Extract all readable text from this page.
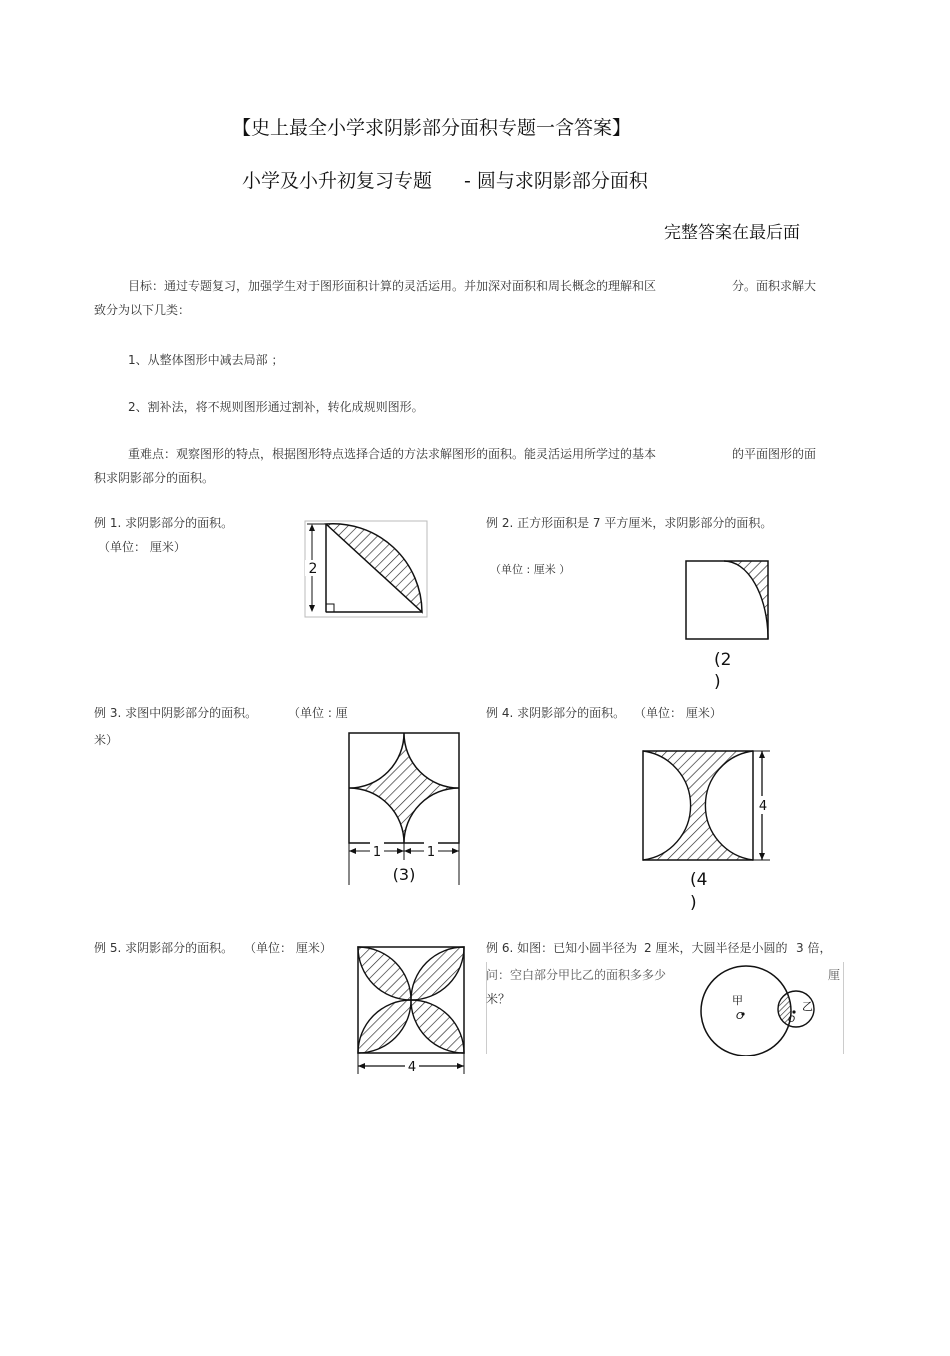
【史上最全小学求阴影部分面积专题一含答案】
小学及小升初复习专题 - 圆与求阴影部分面积
完整答案在最后面
目标：通过专题复习，加强学生对于图形面积计算的灵活运用。并加深对面积和周长概念的理解和区	分。面积求解大
致分为以下几类：
1、从整体图形中减去局部 ；
2、割补法，将不规则图形通过割补，转化成规则图形。
重难点：观察图形的特点，根据图形特点选择合适的方法求解图形的面积。能灵活运用所学过的基本	的平面图形的面
积求阴影部分的面积。
例 1. 求阴影部分的面积。
（单位： 厘米）
2
例 2. 正方形面积是 7 平方厘米，求阴影部分的面积。
（单位 : 厘米 ）
(2
)
例 3. 求图中阴影部分的面积。	（单位 : 厘
米）
1	1
(3)
例 4. 求阴影部分的面积。 （单位： 厘米）
4
(4
)
例 5. 求阴影部分的面积。 （单位： 厘米）
4
例 6. 如图：已知小圆半径为 2 厘米，大圆半径是小圆的 3 倍，
问：空白部分甲比乙的面积多多少	厘
米？	甲
O
乙
O
